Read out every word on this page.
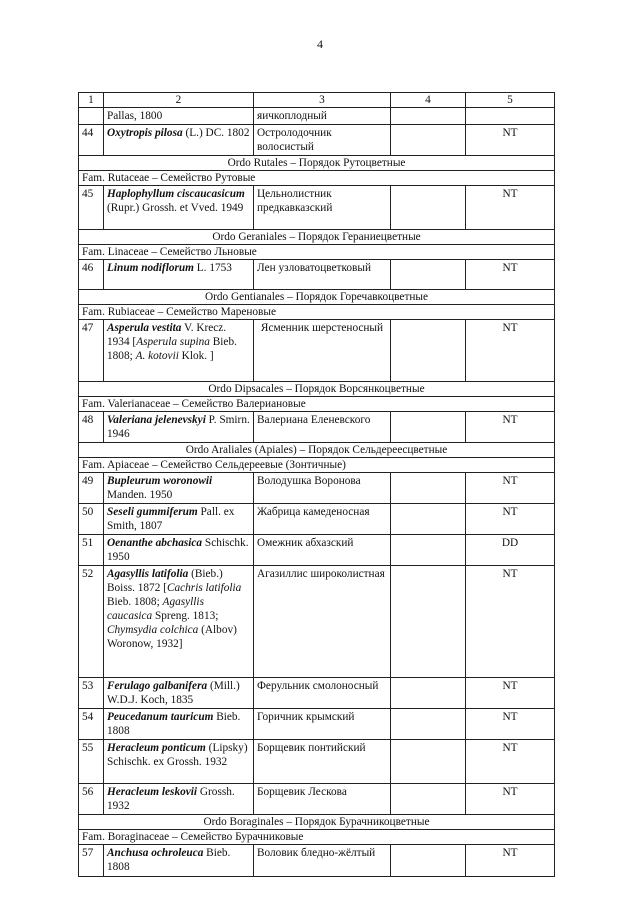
4
1	2	3	4	5
	Pallas, 1800	яичкоплодный		
44	Oxytropis pilosa (L.) DC. 1802	Остролодочник волосистый		NT
Ordo Rutales – Порядок Рутоцветные				
Fam. Rutaceae – Семейство Рутовые				
45	Haplophyllum ciscaucasicum (Rupr.) Grossh. et Vved. 1949	Цельнолистник предкавказский		NT
Ordo Geraniales – Порядок Гераниецветные				
Fam. Linaceae – Семейство Льновые				
46	Linum nodiflorum L. 1753	Лен узловатоцветковый		NT
Ordo Gentianales – Порядок Горечавкоцветные				
Fam. Rubiaceae – Семейство Мареновые				
47	Asperula vestita V. Krecz. 1934 [Asperula supina Bieb. 1808; A. kotovii Klok. ]	Ясменник шерстеносный		NT
Ordo Dipsacales – Порядок Ворсянкоцветные				
Fam. Valerianaceae – Семейство Валериановые				
48	Valeriana jelenevskyi P. Smirn. 1946	Валериана Еленевского		NT
Ordo Araliales (Apiales) – Порядок Сельдерееcцветные				
Fam. Apiaceae – Семейство Сельдереевые (Зонтичные)				
49	Bupleurum woronowii Manden. 1950	Володушка Воронова		NT
50	Seseli gummiferum Pall. ex Smith, 1807	Жабрица камеденосная		NT
51	Oenanthe abchasica Schischk. 1950	Омежник абхазский		DD
52	Agasyllis latifolia (Bieb.) Boiss. 1872 [Cachris latifolia Bieb. 1808; Agasyllis caucasica Spreng. 1813; Chymsydia colchica (Albov) Woronow, 1932]	Агазиллис широколистная		NT
53	Ferulago galbanifera (Mill.) W.D.J. Koch, 1835	Ферульник смолоносный		NT
54	Peucedanum tauricum Bieb. 1808	Горичник крымский		NT
55	Heracleum ponticum (Lipsky) Schischk. ex Grossh. 1932	Борщевик понтийский		NT
56	Heracleum leskovii Grossh. 1932	Борщевик Лескова		NT
Ordo Boraginales – Порядок Бурачникоцветные				
Fam. Boraginaceae – Семейство Бурачниковые				
57	Anchusa ochroleuca Bieb. 1808	Воловик бледно-жёлтый		NT
